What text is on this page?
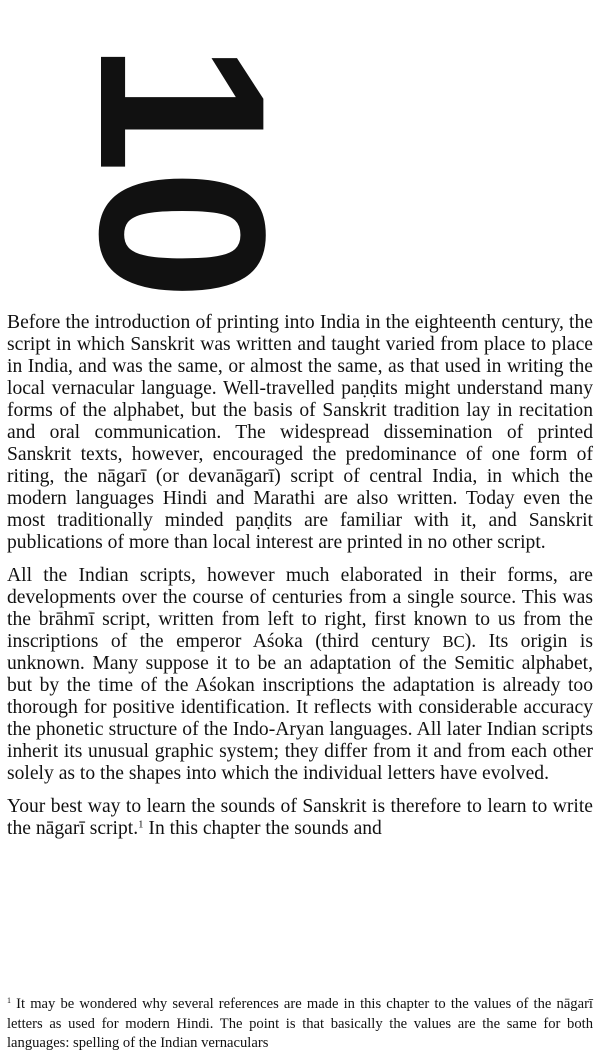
10

Before the introduction of printing into India in the eighteenth century, the script in which Sanskrit was written and taught varied from place to place in India, and was the same, or almost the same, as that used in writing the local vernacular language. Well-travelled paṇḍits might understand many forms of the alphabet, but the basis of Sanskrit tradition lay in recitation and oral communication. The widespread dissemination of printed Sanskrit texts, however, encouraged the predominance of one form of riting, the nāgarī (or devanāgarī) script of central India, in which the modern languages Hindi and Marathi are also written. Today even the most traditionally minded paṇḍits are familiar with it, and Sanskrit publications of more than local interest are printed in no other script.

All the Indian scripts, however much elaborated in their forms, are developments over the course of centuries from a single source. This was the brāhmī script, written from left to right, first known to us from the inscriptions of the emperor Aśoka (third century BC). Its origin is unknown. Many suppose it to be an adaptation of the Semitic alphabet, but by the time of the Aśokan inscriptions the adaptation is already too thorough for positive identification. It reflects with considerable accuracy the phonetic structure of the Indo-Aryan languages. All later Indian scripts inherit its unusual graphic system; they differ from it and from each other solely as to the shapes into which the individual letters have evolved.

Your best way to learn the sounds of Sanskrit is therefore to learn to write the nāgarī script.$^1$ In this chapter the sounds and

$^1$ It may be wondered why several references are made in this chapter to the values of the nāgarī letters as used for modern Hindi. The point is that basically the values are the same for both languages: spelling of the Indian vernaculars
